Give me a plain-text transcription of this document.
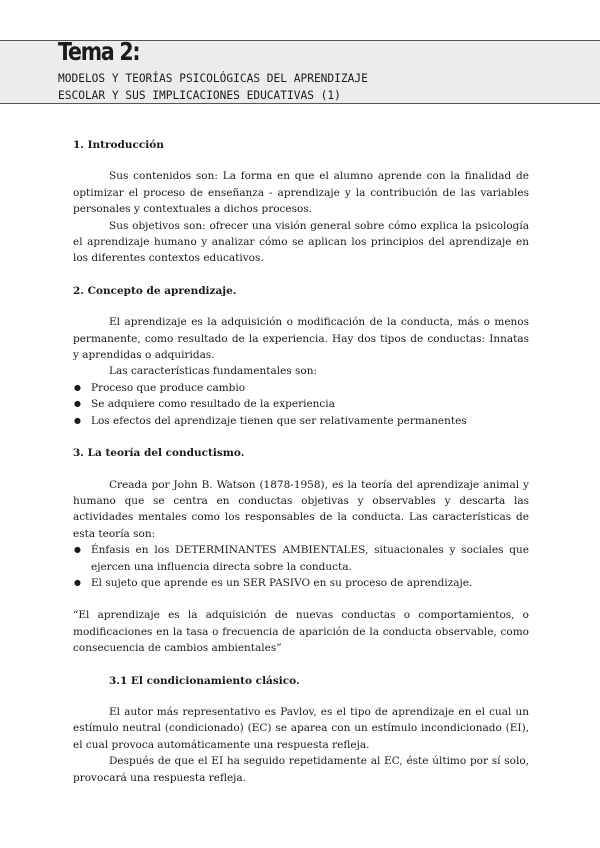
Tema 2:
MODELOS Y TEORÍAS PSICOLÓGICAS DEL APRENDIZAJE
ESCOLAR Y SUS IMPLICACIONES EDUCATIVAS (1)
1. Introducción

Sus contenidos son: La forma en que el alumno aprende con la finalidad de optimizar el proceso de enseñanza - aprendizaje y la contribución de las variables personales y contextuales a dichos procesos.

Sus objetivos son: ofrecer una visión general sobre cómo explica la psicología el aprendizaje humano y analizar cómo se aplican los principios del aprendizaje en los diferentes contextos educativos.

2. Concepto de aprendizaje.

El aprendizaje es la adquisición o modificación de la conducta, más o menos permanente, como resultado de la experiencia. Hay dos tipos de conductas: Innatas y aprendidas o adquiridas.

Las características fundamentales son:

● Proceso que produce cambio
● Se adquiere como resultado de la experiencia
● Los efectos del aprendizaje tienen que ser relativamente permanentes
3. La teoría del conductismo.

Creada por John B. Watson (1878-1958), es la teoría del aprendizaje animal y humano que se centra en conductas objetivas y observables y descarta las actividades mentales como los responsables de la conducta. Las características de esta teoría son:

● Énfasis en los DETERMINANTES AMBIENTALES, situacionales y sociales que ejercen una influencia directa sobre la conducta.
● El sujeto que aprende es un SER PASIVO en su proceso de aprendizaje.

“El aprendizaje es la adquisición de nuevas conductas o comportamientos, o modificaciones en la tasa o frecuencia de aparición de la conducta observable, como consecuencia de cambios ambientales”

3.1 El condicionamiento clásico.

El autor más representativo es Pavlov, es el tipo de aprendizaje en el cual un estímulo neutral (condicionado) (EC) se aparea con un estímulo incondicionado (EI), el cual provoca automáticamente una respuesta refleja.

Después de que el EI ha seguido repetidamente al EC, éste último por sí solo, provocará una respuesta refleja.
